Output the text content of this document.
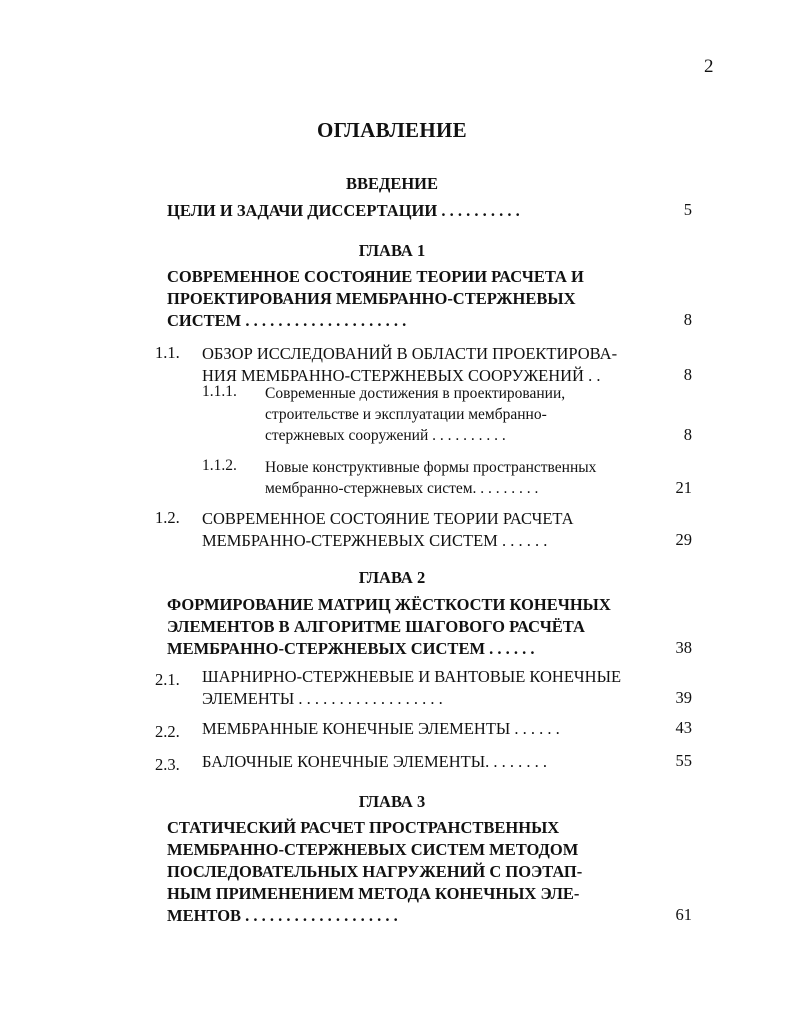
2
ОГЛАВЛЕНИЕ
ВВЕДЕНИЕ
ЦЕЛИ И ЗАДАЧИ ДИССЕРТАЦИИ . . . . . . . . . .	5
ГЛАВА 1
СОВРЕМЕННОЕ СОСТОЯНИЕ ТЕОРИИ РАСЧЕТА И
ПРОЕКТИРОВАНИЯ МЕМБРАННО-СТЕРЖНЕВЫХ
СИСТЕМ . . . . . . . . . . . . . . . . . . . .	8
1.1. ОБЗОР ИССЛЕДОВАНИЙ В ОБЛАСТИ ПРОЕКТИРОВА-
НИЯ МЕМБРАННО-СТЕРЖНЕВЫХ СООРУЖЕНИЙ . .	8
1.1.1. Современные достижения в проектировании,
строительстве и эксплуатации мембранно-
стержневых сооружений . . . . . . . . . .	8
1.1.2. Новые конструктивные формы пространственных
мембранно-стержневых систем. . . . . . . . .	21
1.2. СОВРЕМЕННОЕ СОСТОЯНИЕ ТЕОРИИ РАСЧЕТА
МЕМБРАННО-СТЕРЖНЕВЫХ СИСТЕМ . . . . . .	29
ГЛАВА 2
ФОРМИРОВАНИЕ МАТРИЦ ЖЁСТКОСТИ КОНЕЧНЫХ
ЭЛЕМЕНТОВ В АЛГОРИТМЕ ШАГОВОГО РАСЧЁТА
МЕМБРАННО-СТЕРЖНЕВЫХ СИСТЕМ . . . . . .	38
2.1. ШАРНИРНО-СТЕРЖНЕВЫЕ И ВАНТОВЫЕ КОНЕЧНЫЕ
ЭЛЕМЕНТЫ . . . . . . . . . . . . . . . . . .	39
2.2. МЕМБРАННЫЕ КОНЕЧНЫЕ ЭЛЕМЕНТЫ . . . . . .	43
2.3. БАЛОЧНЫЕ КОНЕЧНЫЕ ЭЛЕМЕНТЫ. . . . . . . .	55
ГЛАВА 3
СТАТИЧЕСКИЙ РАСЧЕТ ПРОСТРАНСТВЕННЫХ
МЕМБРАННО-СТЕРЖНЕВЫХ СИСТЕМ МЕТОДОМ
ПОСЛЕДОВАТЕЛЬНЫХ НАГРУЖЕНИЙ С ПОЭТАП-
НЫМ ПРИМЕНЕНИЕМ МЕТОДА КОНЕЧНЫХ ЭЛЕ-
МЕНТОВ . . . . . . . . . . . . . . . . . . .	61
